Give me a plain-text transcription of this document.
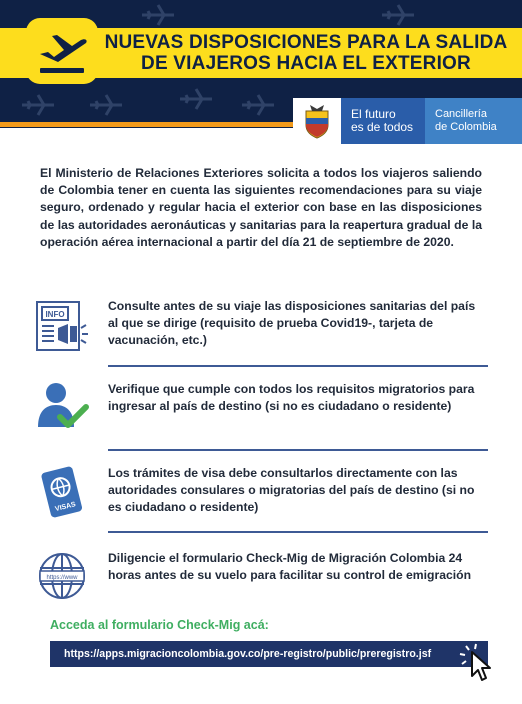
NUEVAS DISPOSICIONES PARA LA SALIDA
DE VIAJEROS HACIA EL EXTERIOR
El futuro
es de todos
Cancillería
de Colombia

El Ministerio de Relaciones Exteriores solicita a todos los viajeros saliendo de Colombia tener en cuenta las siguientes recomendaciones para su viaje seguro, ordenado y regular hacia el exterior con base en las disposiciones de las autoridades aeronáuticas y sanitarias para la reapertura gradual de la operación aérea internacional a partir del día 21 de septiembre de 2020.

INFO
Consulte antes de su viaje las disposiciones sanitarias del país al que se dirige (requisito de prueba Covid19-, tarjeta de vacunación, etc.)
Verifique que cumple con todos los requisitos migratorios para ingresar al país de destino (si no es ciudadano o residente)
VISAS
Los trámites de visa debe consultarlos directamente con las autoridades consulares o migratorias del país de destino (si no es ciudadano o residente)
https://www
Diligencie el formulario Check-Mig de Migración Colombia 24 horas antes de su vuelo para facilitar su control de emigración
Acceda al formulario Check-Mig acá:
https://apps.migracioncolombia.gov.co/pre-registro/public/preregistro.jsf
